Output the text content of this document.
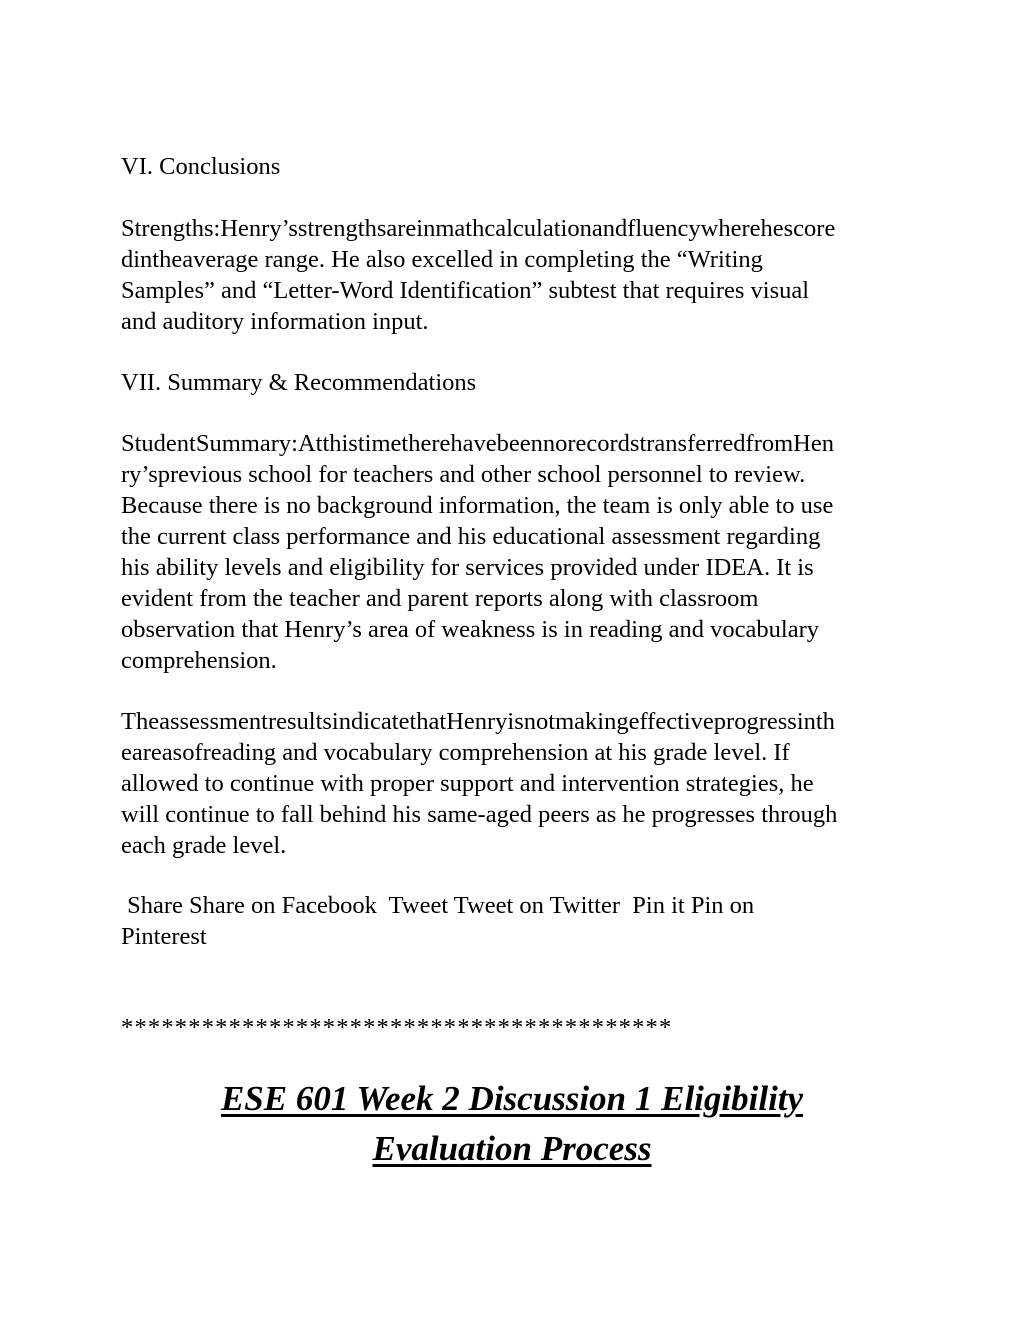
VI. Conclusions

Strengths:Henry’sstrengthsareinmathcalculationandfluencywherehescore

dintheaverage range. He also excelled in completing the “Writing

Samples” and “Letter-Word Identification” subtest that requires visual

and auditory information input.

VII. Summary & Recommendations

StudentSummary:AtthistimetherehavebeennorecordstransferredfromHen

ry’sprevious school for teachers and other school personnel to review.

Because there is no background information, the team is only able to use

the current class performance and his educational assessment regarding

his ability levels and eligibility for services provided under IDEA. It is

evident from the teacher and parent reports along with classroom

observation that Henry’s area of weakness is in reading and vocabulary

comprehension.

TheassessmentresultsindicatethatHenryisnotmakingeffectiveprogressinth

eareasofreading and vocabulary comprehension at his grade level. If

allowed to continue with proper support and intervention strategies, he

will continue to fall behind his same-aged peers as he progresses through

each grade level.

Share Share on Facebook  Tweet Tweet on Twitter  Pin it Pin on

Pinterest

*****************************************

ESE 601 Week 2 Discussion 1 Eligibility

Evaluation Process
